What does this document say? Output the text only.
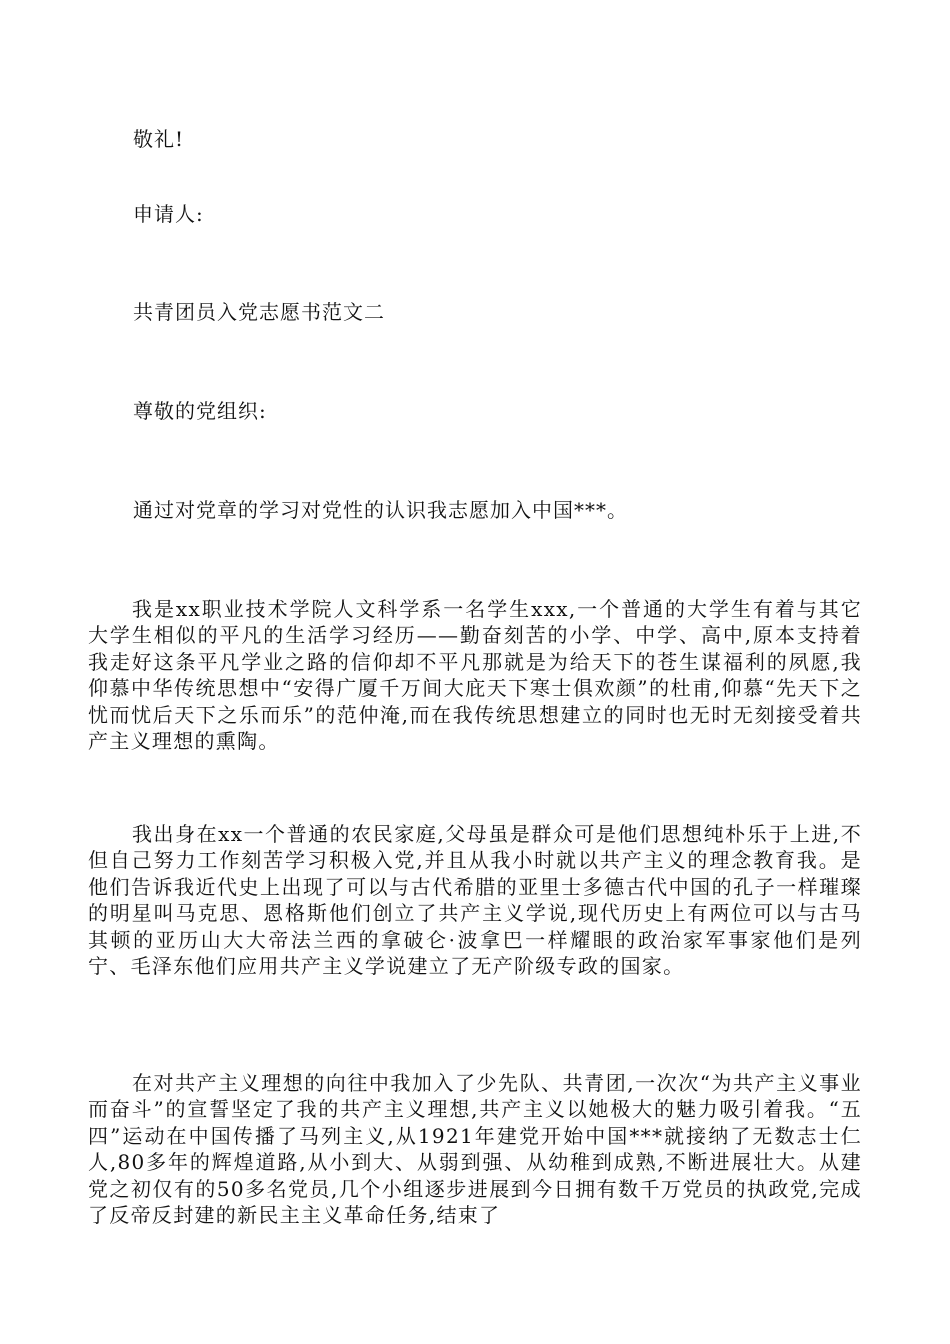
敬礼!
申请人:
共青团员入党志愿书范文二
尊敬的党组织:
通过对党章的学习对党性的认识我志愿加入中国***。
我是xx职业技术学院人文科学系一名学生xxx,一个普通的大学生有着与其它大学生相似的平凡的生活学习经历——勤奋刻苦的小学、中学、高中,原本支持着我走好这条平凡学业之路的信仰却不平凡那就是为给天下的苍生谋福利的夙愿,我仰慕中华传统思想中“安得广厦千万间大庇天下寒士俱欢颜”的杜甫,仰慕“先天下之忧而忧后天下之乐而乐”的范仲淹,而在我传统思想建立的同时也无时无刻接受着共产主义理想的熏陶。
我出身在xx一个普通的农民家庭,父母虽是群众可是他们思想纯朴乐于上进,不但自己努力工作刻苦学习积极入党,并且从我小时就以共产主义的理念教育我。是他们告诉我近代史上出现了可以与古代希腊的亚里士多德古代中国的孔子一样璀璨的明星叫马克思、恩格斯他们创立了共产主义学说,现代历史上有两位可以与古马其顿的亚历山大大帝法兰西的拿破仑·波拿巴一样耀眼的政治家军事家他们是列宁、毛泽东他们应用共产主义学说建立了无产阶级专政的国家。
在对共产主义理想的向往中我加入了少先队、共青团,一次次“为共产主义事业而奋斗”的宣誓坚定了我的共产主义理想,共产主义以她极大的魅力吸引着我。“五四”运动在中国传播了马列主义,从1921年建党开始中国***就接纳了无数志士仁人,80多年的辉煌道路,从小到大、从弱到强、从幼稚到成熟,不断进展壮大。从建党之初仅有的50多名党员,几个小组逐步进展到今日拥有数千万党员的执政党,完成了反帝反封建的新民主主义革命任务,结束了
